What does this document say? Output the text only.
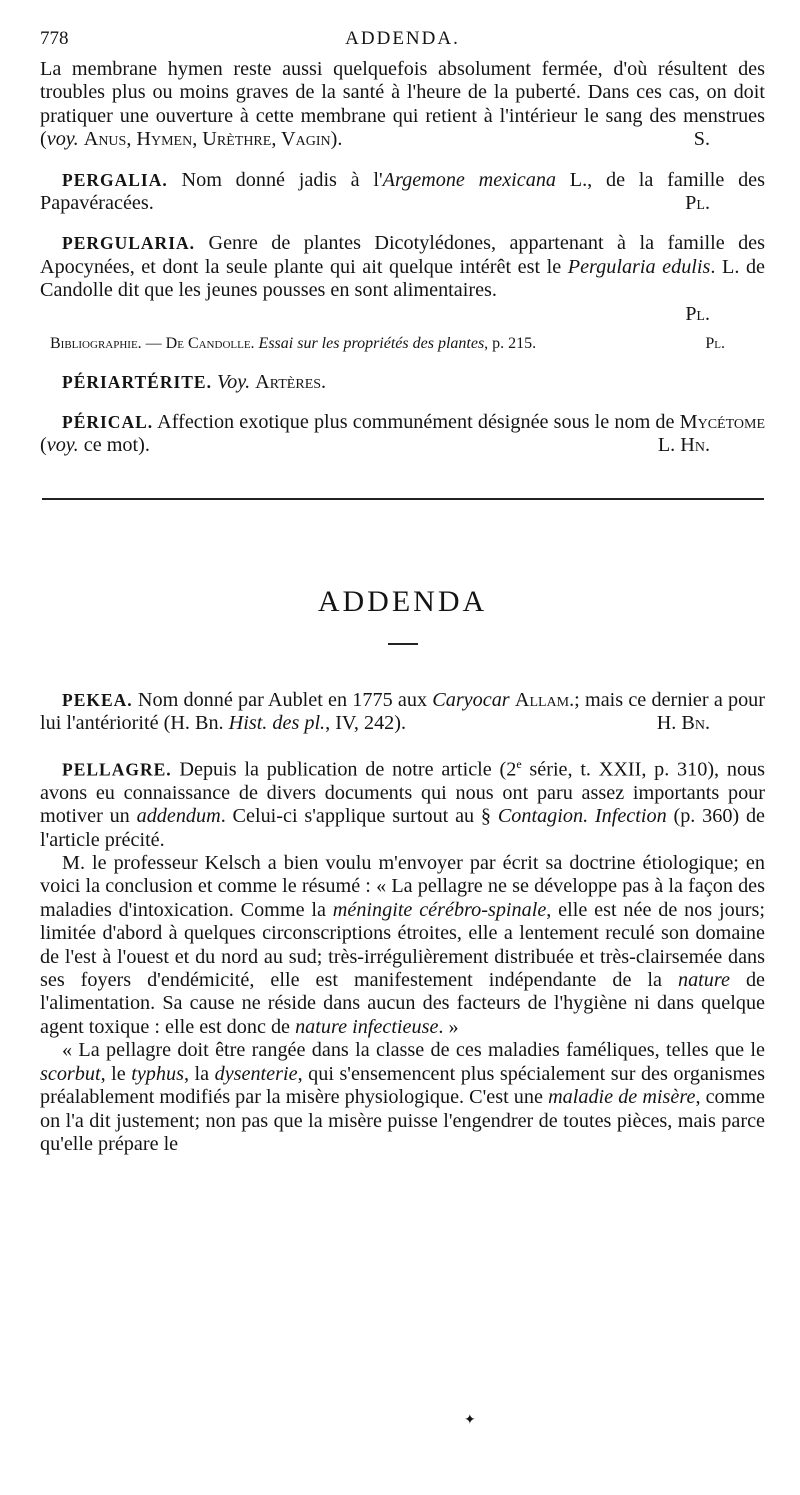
778	ADDENDA.

La membrane hymen reste aussi quelquefois absolument fermée, d'où résultent des troubles plus ou moins graves de la santé à l'heure de la puberté. Dans ces cas, on doit pratiquer une ouverture à cette membrane qui retient à l'intérieur le sang des menstrues (voy. Anus, Hymen, Urèthre, Vagin).	S.

PERGALIA. Nom donné jadis à l'Argemone mexicana L., de la famille des Papavéracées.	Pl.

PERGULARIA. Genre de plantes Dicotylédones, appartenant à la famille des Apocynées, et dont la seule plante qui ait quelque intérêt est le Pergularia edulis. L. de Candolle dit que les jeunes pousses en sont alimentaires.

Pl.

Bibliographie. — De Candolle. Essai sur les propriétés des plantes, p. 215.	Pl.

PÉRIARTÉRITE. Voy. Artères.

PÉRICAL. Affection exotique plus communément désignée sous le nom de Mycétome (voy. ce mot).	L. Hn.

ADDENDA

PEKEA. Nom donné par Aublet en 1775 aux Caryocar Allam.; mais ce dernier a pour lui l'antériorité (H. Bn. Hist. des pl., IV, 242).	H. Bn.

PELLAGRE. Depuis la publication de notre article (2e série, t. XXII, p. 310), nous avons eu connaissance de divers documents qui nous ont paru assez importants pour motiver un addendum. Celui-ci s'applique surtout au § Contagion. Infection (p. 360) de l'article précité.

M. le professeur Kelsch a bien voulu m'envoyer par écrit sa doctrine étiologique; en voici la conclusion et comme le résumé : « La pellagre ne se développe pas à la façon des maladies d'intoxication. Comme la méningite cérébro-spinale, elle est née de nos jours; limitée d'abord à quelques circonscriptions étroites, elle a lentement reculé son domaine de l'est à l'ouest et du nord au sud; très-irrégulièrement distribuée et très-clairsemée dans ses foyers d'endémicité, elle est manifestement indépendante de la nature de l'alimentation. Sa cause ne réside dans aucun des facteurs de l'hygiène ni dans quelque agent toxique : elle est donc de nature infectieuse. »

« La pellagre doit être rangée dans la classe de ces maladies faméliques, telles que le scorbut, le typhus, la dysenterie, qui s'ensemencent plus spécialement sur des organismes préalablement modifiés par la misère physiologique. C'est une maladie de misère, comme on l'a dit justement; non pas que la misère puisse l'engendrer de toutes pièces, mais parce qu'elle prépare le

✦
